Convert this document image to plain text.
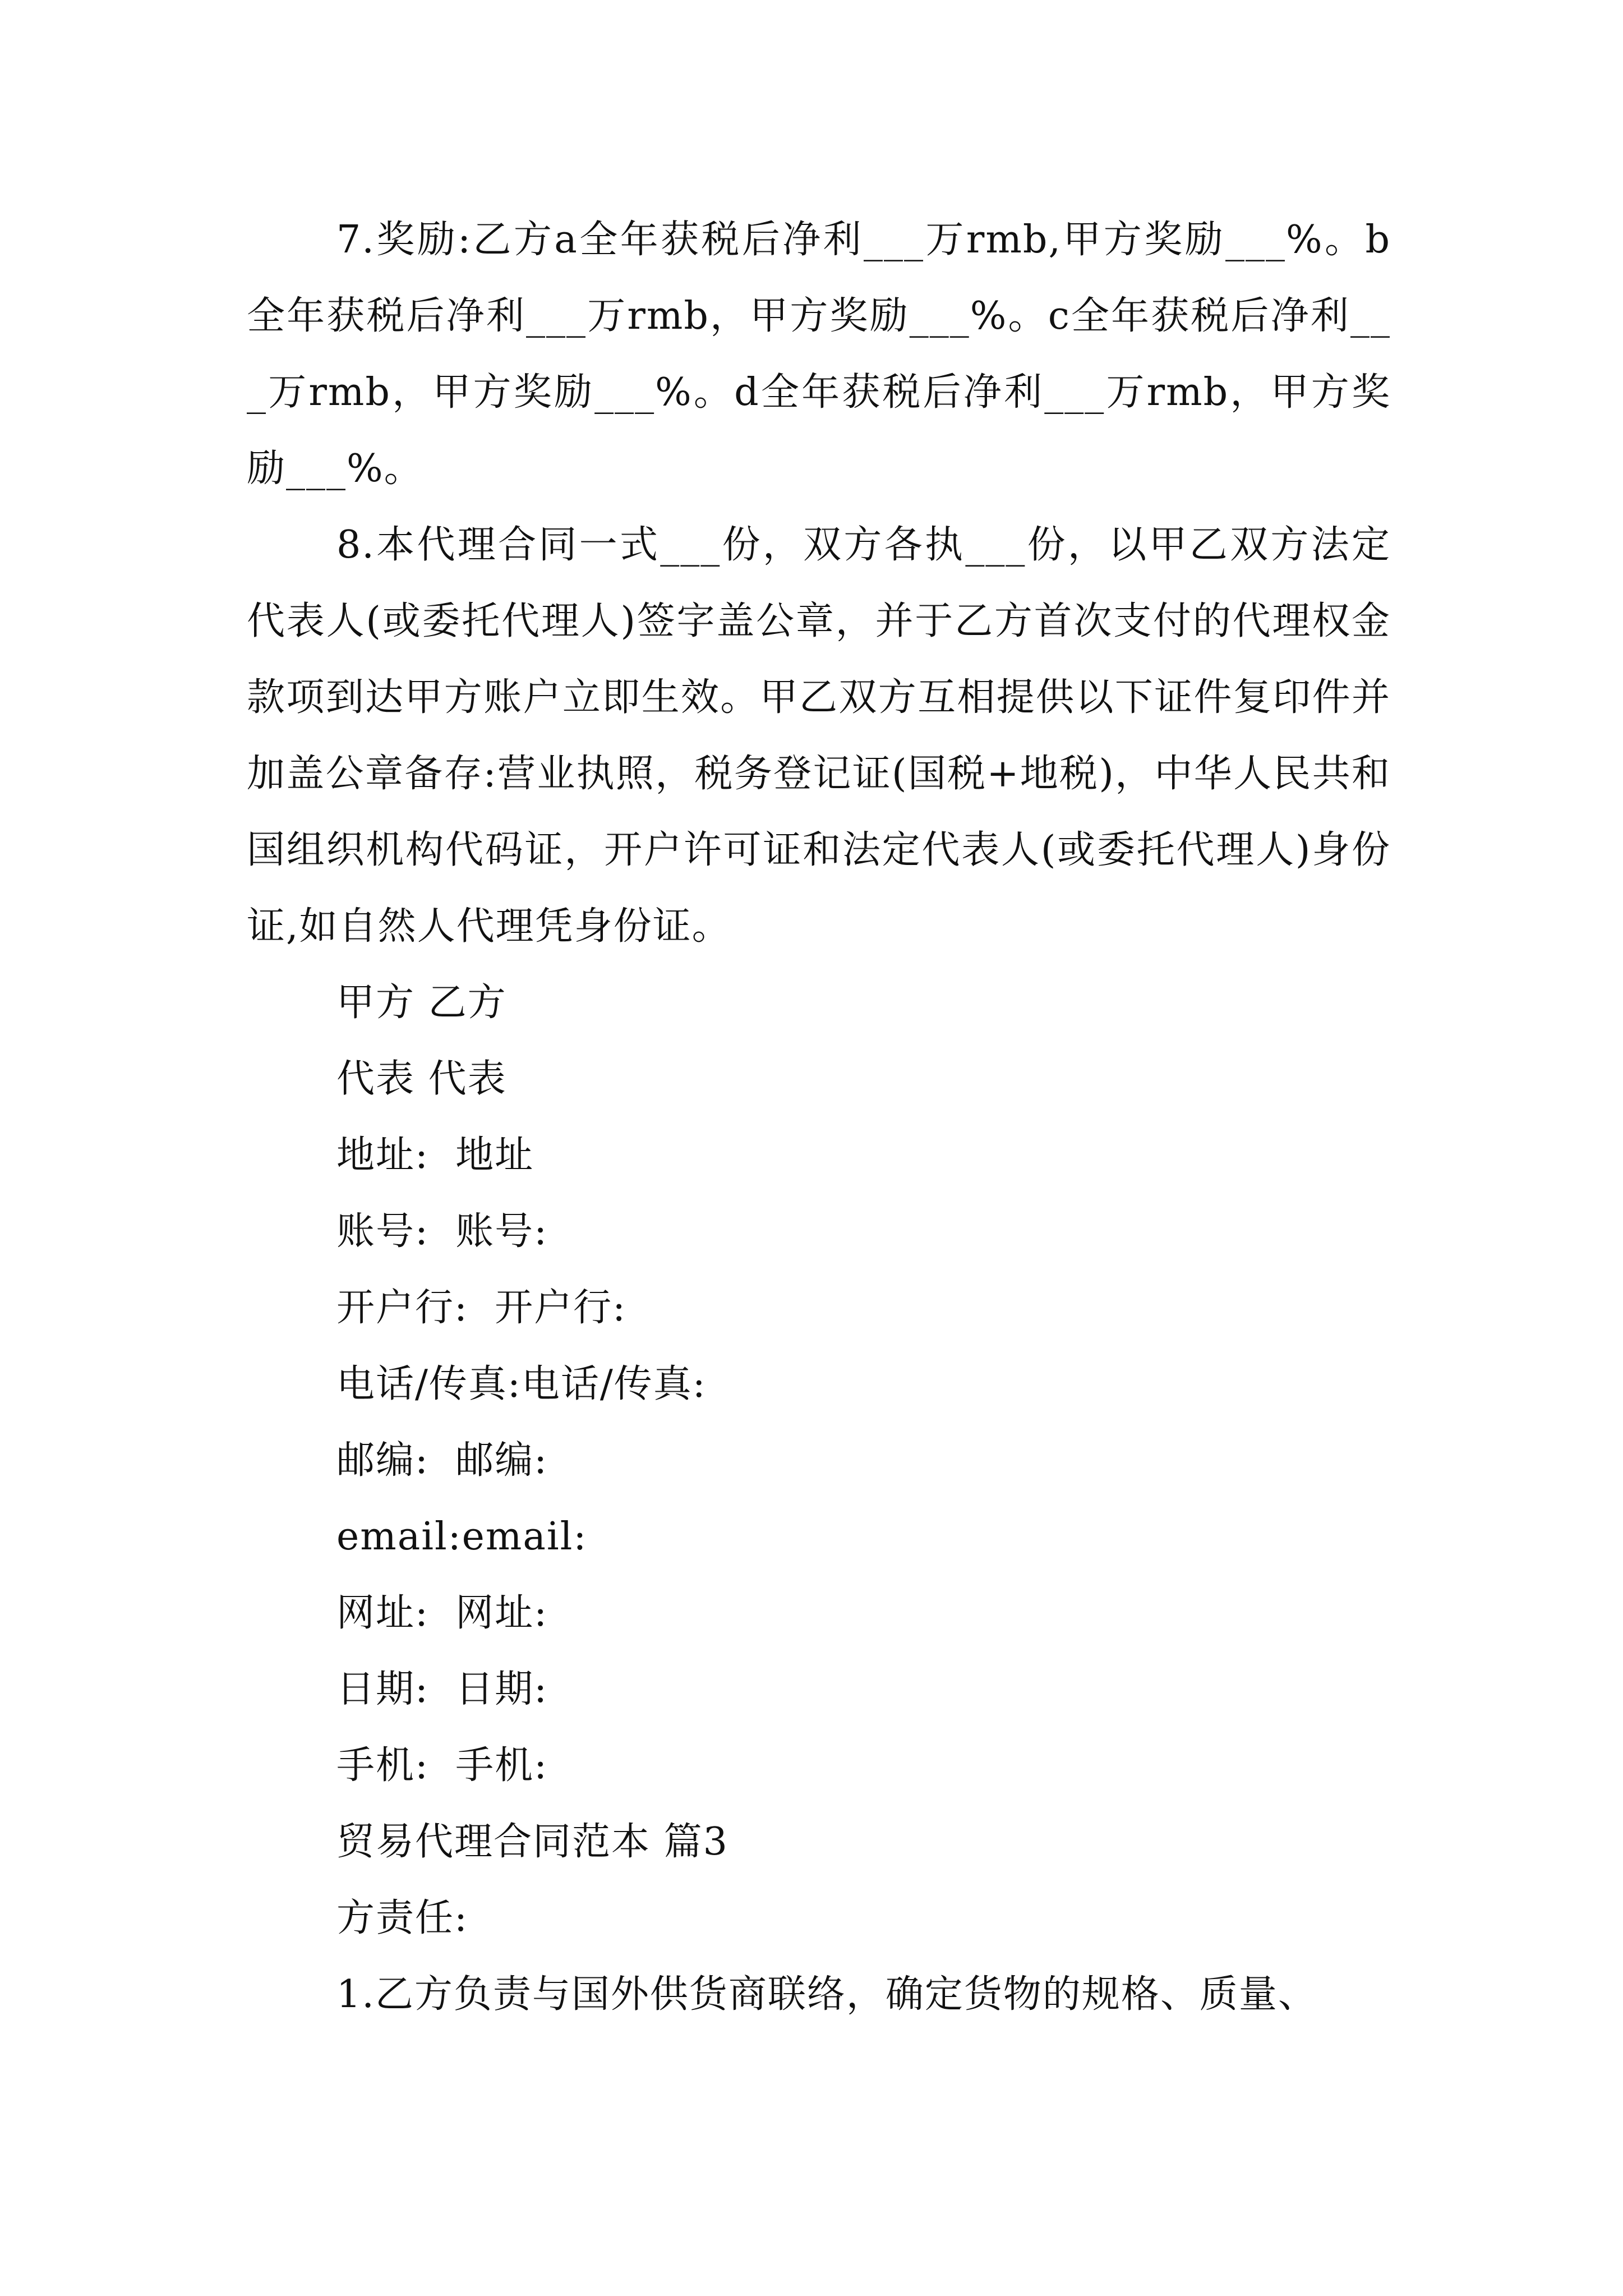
7.奖励:乙方a全年获税后净利___万rmb,甲方奖励___%。b全年获税后净利___万rmb，甲方奖励___%。c全年获税后净利___万rmb，甲方奖励___%。d全年获税后净利___万rmb，甲方奖励___%。

8.本代理合同一式___份，双方各执___份，以甲乙双方法定代表人(或委托代理人)签字盖公章，并于乙方首次支付的代理权金款项到达甲方账户立即生效。甲乙双方互相提供以下证件复印件并加盖公章备存:营业执照，税务登记证(国税+地税)，中华人民共和国组织机构代码证，开户许可证和法定代表人(或委托代理人)身份证,如自然人代理凭身份证。

甲方 乙方

代表 代表

地址:  地址

账号:  账号:

开户行:  开户行:

电话/传真:电话/传真:

邮编:  邮编:

email:email:

网址:  网址:

日期:  日期:

手机:  手机:

贸易代理合同范本 篇3

方责任:

1.乙方负责与国外供货商联络，确定货物的规格、质量、
